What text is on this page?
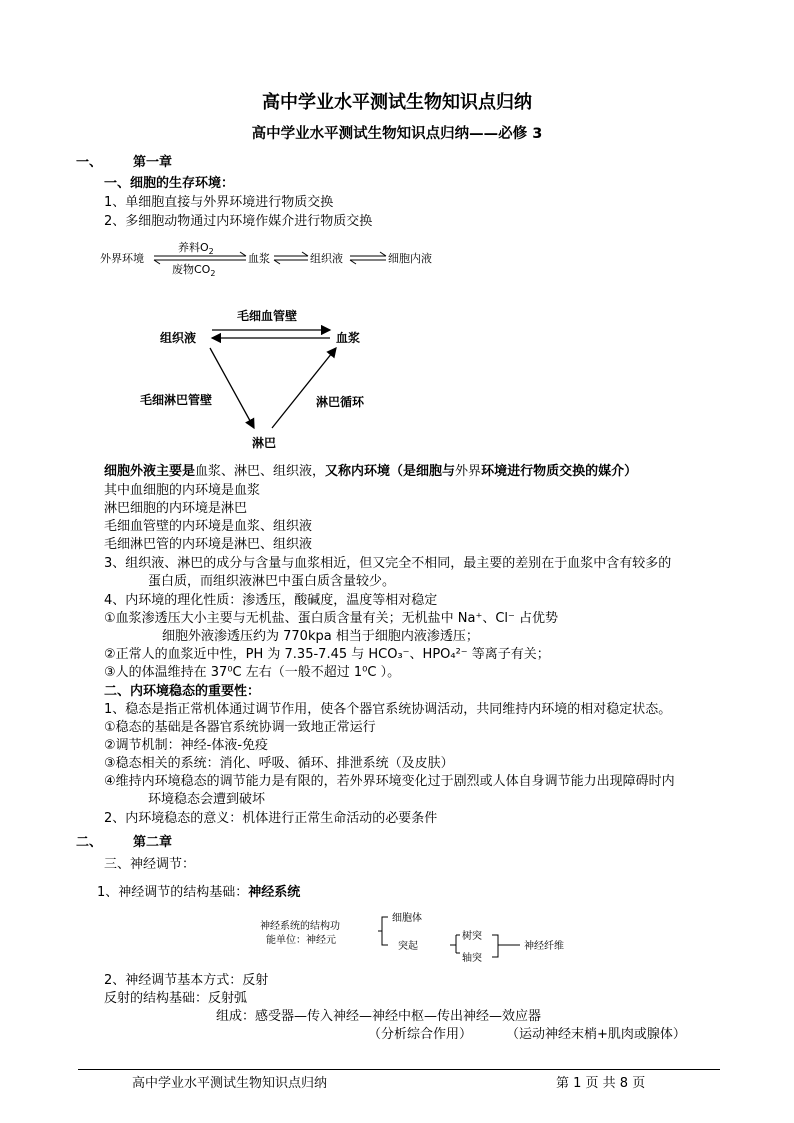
高中学业水平测试生物知识点归纳
高中学业水平测试生物知识点归纳——必修 3
一、 第一章
一、细胞的生存环境：
1、单细胞直接与外界环境进行物质交换
2、多细胞动物通过内环境作媒介进行物质交换
外界环境
养料$O_2$
废物$CO_2$
血浆	组织液	细胞内液
毛细血管壁
组织液	血浆
毛细淋巴管壁	淋巴循环
淋巴
细胞外液主要是血浆、淋巴、组织液，又称内环境（是细胞与外界环境进行物质交换的媒介）
其中血细胞的内环境是血浆
淋巴细胞的内环境是淋巴
毛细血管壁的内环境是血浆、组织液
毛细淋巴管的内环境是淋巴、组织液
3、组织液、淋巴的成分与含量与血浆相近，但又完全不相同，最主要的差别在于血浆中含有较多的
蛋白质，而组织液淋巴中蛋白质含量较少。
4、内环境的理化性质：渗透压，酸碱度，温度等相对稳定
①血浆渗透压大小主要与无机盐、蛋白质含量有关；无机盐中 Na⁺、Cl⁻ 占优势
细胞外液渗透压约为 770kpa 相当于细胞内液渗透压；
②正常人的血浆近中性，PH 为 7.35-7.45 与 HCO₃⁻、HPO₄²⁻ 等离子有关；
③人的体温维持在 37⁰C 左右（一般不超过 1⁰C ）。
二、内环境稳态的重要性：
1、稳态是指正常机体通过调节作用，使各个器官系统协调活动，共同维持内环境的相对稳定状态。
①稳态的基础是各器官系统协调一致地正常运行
②调节机制：神经-体液-免疫
③稳态相关的系统：消化、呼吸、循环、排泄系统（及皮肤）
④维持内环境稳态的调节能力是有限的，若外界环境变化过于剧烈或人体自身调节能力出现障碍时内
环境稳态会遭到破坏
2、内环境稳态的意义：机体进行正常生命活动的必要条件
二、 第二章
三、神经调节：
1、神经调节的结构基础：神经系统
神经系统的结构功
能单位：神经元
细胞体
突起
树突
轴突
神经纤维
2、神经调节基本方式：反射
反射的结构基础：反射弧
组成：感受器—传入神经—神经中枢—传出神经—效应器
（分析综合作用）	（运动神经末梢+肌肉或腺体）
高中学业水平测试生物知识点归纳	第 1 页 共 8 页
